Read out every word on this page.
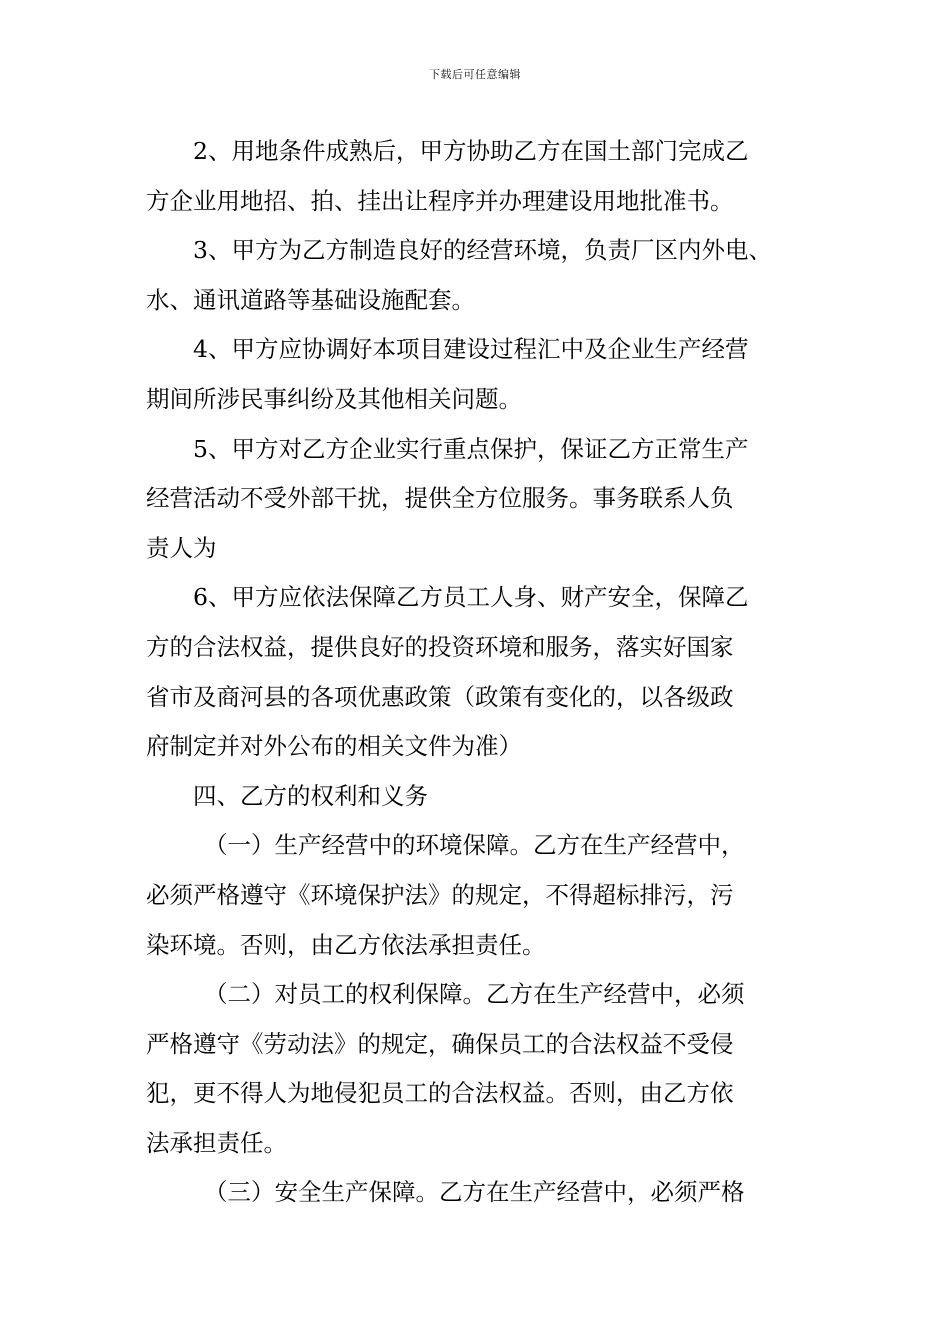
下载后可任意编辑
2、用地条件成熟后，甲方协助乙方在国土部门完成乙
方企业用地招、拍、挂出让程序并办理建设用地批准书。
3、甲方为乙方制造良好的经营环境，负责厂区内外电、
水、通讯道路等基础设施配套。
4、甲方应协调好本项目建设过程汇中及企业生产经营
期间所涉民事纠纷及其他相关问题。
5、甲方对乙方企业实行重点保护，保证乙方正常生产
经营活动不受外部干扰，提供全方位服务。事务联系人负
责人为
6、甲方应依法保障乙方员工人身、财产安全，保障乙
方的合法权益，提供良好的投资环境和服务，落实好国家
省市及商河县的各项优惠政策（政策有变化的，以各级政
府制定并对外公布的相关文件为准）
四、乙方的权利和义务
（一）生产经营中的环境保障。乙方在生产经营中，
必须严格遵守《环境保护法》的规定，不得超标排污，污
染环境。否则，由乙方依法承担责任。
（二）对员工的权利保障。乙方在生产经营中，必须
严格遵守《劳动法》的规定，确保员工的合法权益不受侵
犯，更不得人为地侵犯员工的合法权益。否则，由乙方依
法承担责任。
（三）安全生产保障。乙方在生产经营中，必须严格
